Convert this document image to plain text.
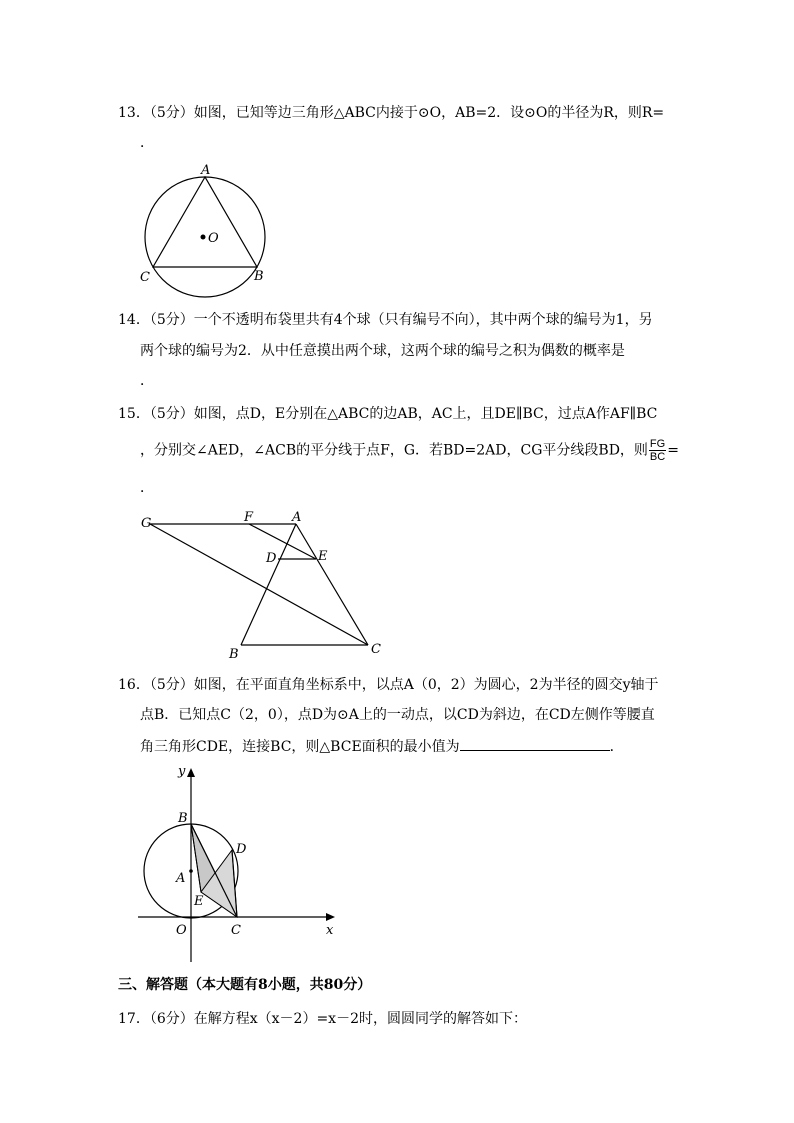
13．（5分）如图，已知等边三角形△ABC内接于⊙O，AB=2．设⊙O的半径为R，则R=
．
A
O
C	B
14．（5分）一个不透明布袋里共有4个球（只有编号不向），其中两个球的编号为1，另
两个球的编号为2．从中任意摸出两个球，这两个球的编号之积为偶数的概率是
．
15．（5分）如图，点D，E分别在△ABC的边AB，AC上，且DE∥BC，过点A作AF∥BC
，分别交∠AED，∠ACB的平分线于点F，G．若BD=2AD，CG平分线段BD，则 $\frac{FG}{BC}$ =
．
G	F	A
D	E
B	C
16．（5分）如图，在平面直角坐标系中，以点A（0，2）为圆心，2为半径的圆交y轴于
点B．已知点C（2，0），点D为⊙A上的一动点，以CD为斜边，在CD左侧作等腰直
角三角形CDE，连接BC，则△BCE面积的最小值为	．
y
x
B
A
D
E
O	C
三、解答题（本大题有8小题，共80分）
17．（6分）在解方程x（x－2）=x－2时，圆圆同学的解答如下：
